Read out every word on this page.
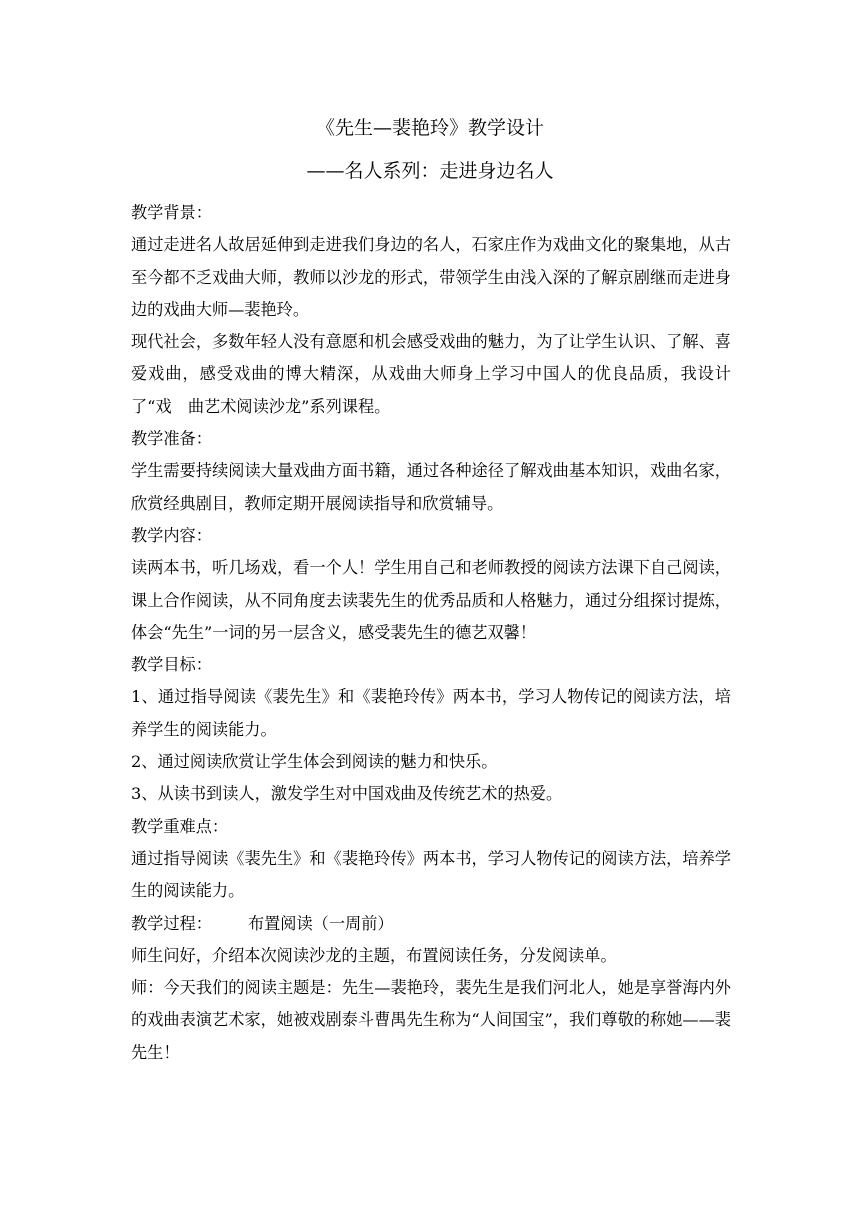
《先生—裴艳玲》教学设计
——名人系列：走进身边名人

教学背景：

通过走进名人故居延伸到走进我们身边的名人，石家庄作为戏曲文化的聚集地，从古至今都不乏戏曲大师，教师以沙龙的形式，带领学生由浅入深的了解京剧继而走进身边的戏曲大师—裴艳玲。

现代社会，多数年轻人没有意愿和机会感受戏曲的魅力，为了让学生认识、了解、喜爱戏曲，感受戏曲的博大精深，从戏曲大师身上学习中国人的优良品质，我设计了“戏　曲艺术阅读沙龙”系列课程。

教学准备：

学生需要持续阅读大量戏曲方面书籍，通过各种途径了解戏曲基本知识，戏曲名家，欣赏经典剧目，教师定期开展阅读指导和欣赏辅导。

教学内容：

读两本书，听几场戏，看一个人！学生用自己和老师教授的阅读方法课下自己阅读，课上合作阅读，从不同角度去读裴先生的优秀品质和人格魅力，通过分组探讨提炼，体会“先生”一词的另一层含义，感受裴先生的德艺双馨！

教学目标：

1、通过指导阅读《裴先生》和《裴艳玲传》两本书，学习人物传记的阅读方法，培养学生的阅读能力。

2、通过阅读欣赏让学生体会到阅读的魅力和快乐。

3、从读书到读人，激发学生对中国戏曲及传统艺术的热爱。

教学重难点：

通过指导阅读《裴先生》和《裴艳玲传》两本书，学习人物传记的阅读方法，培养学生的阅读能力。

教学过程： 布置阅读（一周前）

师生问好，介绍本次阅读沙龙的主题，布置阅读任务，分发阅读单。

师：今天我们的阅读主题是：先生—裴艳玲，裴先生是我们河北人，她是享誉海内外的戏曲表演艺术家，她被戏剧泰斗曹禺先生称为“人间国宝”，我们尊敬的称她——裴先生！
